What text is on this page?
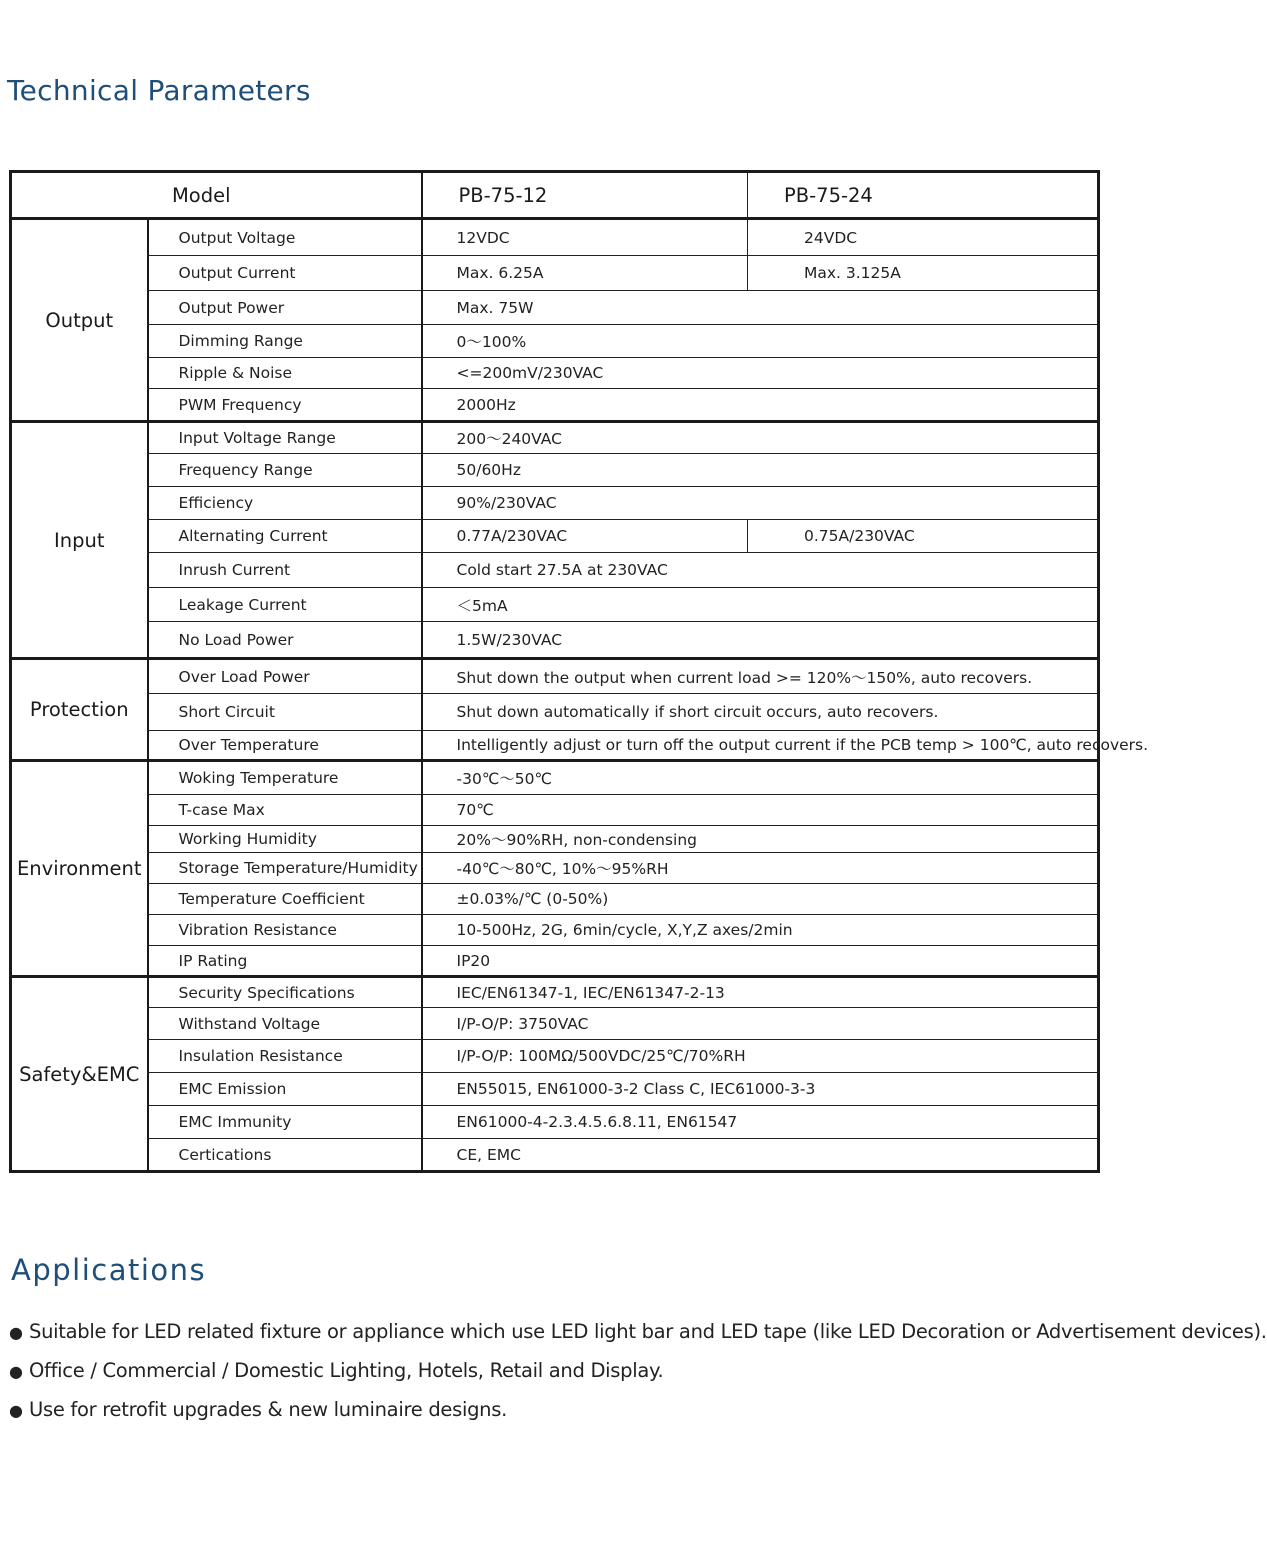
Technical Parameters
Model		PB-75-12	PB-75-24
Output	Output Voltage	12VDC	24VDC
	Output Current	Max. 6.25A	Max. 3.125A
	Output Power	Max. 75W	
	Dimming Range	0～100%	
	Ripple & Noise	<=200mV/230VAC	
	PWM Frequency	2000Hz	
Input	Input Voltage Range	200～240VAC	
	Frequency Range	50/60Hz	
	Efficiency	90%/230VAC	
	Alternating Current	0.77A/230VAC	0.75A/230VAC
	Inrush Current	Cold start 27.5A at 230VAC	
	Leakage Current	＜5mA	
	No Load Power	1.5W/230VAC	
Protection	Over Load Power	Shut down the output when current load >= 120%～150%, auto recovers.	
	Short Circuit	Shut down automatically if short circuit occurs, auto recovers.	
	Over Temperature	Intelligently adjust or turn off the output current if the PCB temp > 100℃, auto recovers.	
Environment	Woking Temperature	-30℃～50℃	
	T-case Max	70℃	
	Working Humidity	20%～90%RH, non-condensing	
	Storage Temperature/Humidity	-40℃～80℃, 10%～95%RH	
	Temperature Coefficient	±0.03%/℃ (0-50%)	
	Vibration Resistance	10-500Hz, 2G, 6min/cycle, X,Y,Z axes/2min	
	IP Rating	IP20	
Safety&EMC	Security Specifications	IEC/EN61347-1, IEC/EN61347-2-13	
	Withstand Voltage	I/P-O/P: 3750VAC	
	Insulation Resistance	I/P-O/P: 100MΩ/500VDC/25℃/70%RH	
	EMC Emission	EN55015, EN61000-3-2 Class C, IEC61000-3-3	
	EMC Immunity	EN61000-4-2.3.4.5.6.8.11, EN61547	
	Certications	CE, EMC	
Applications
● Suitable for LED related fixture or appliance which use LED light bar and LED tape (like LED Decoration or Advertisement devices).
● Office / Commercial / Domestic Lighting, Hotels, Retail and Display.
● Use for retrofit upgrades & new luminaire designs.
